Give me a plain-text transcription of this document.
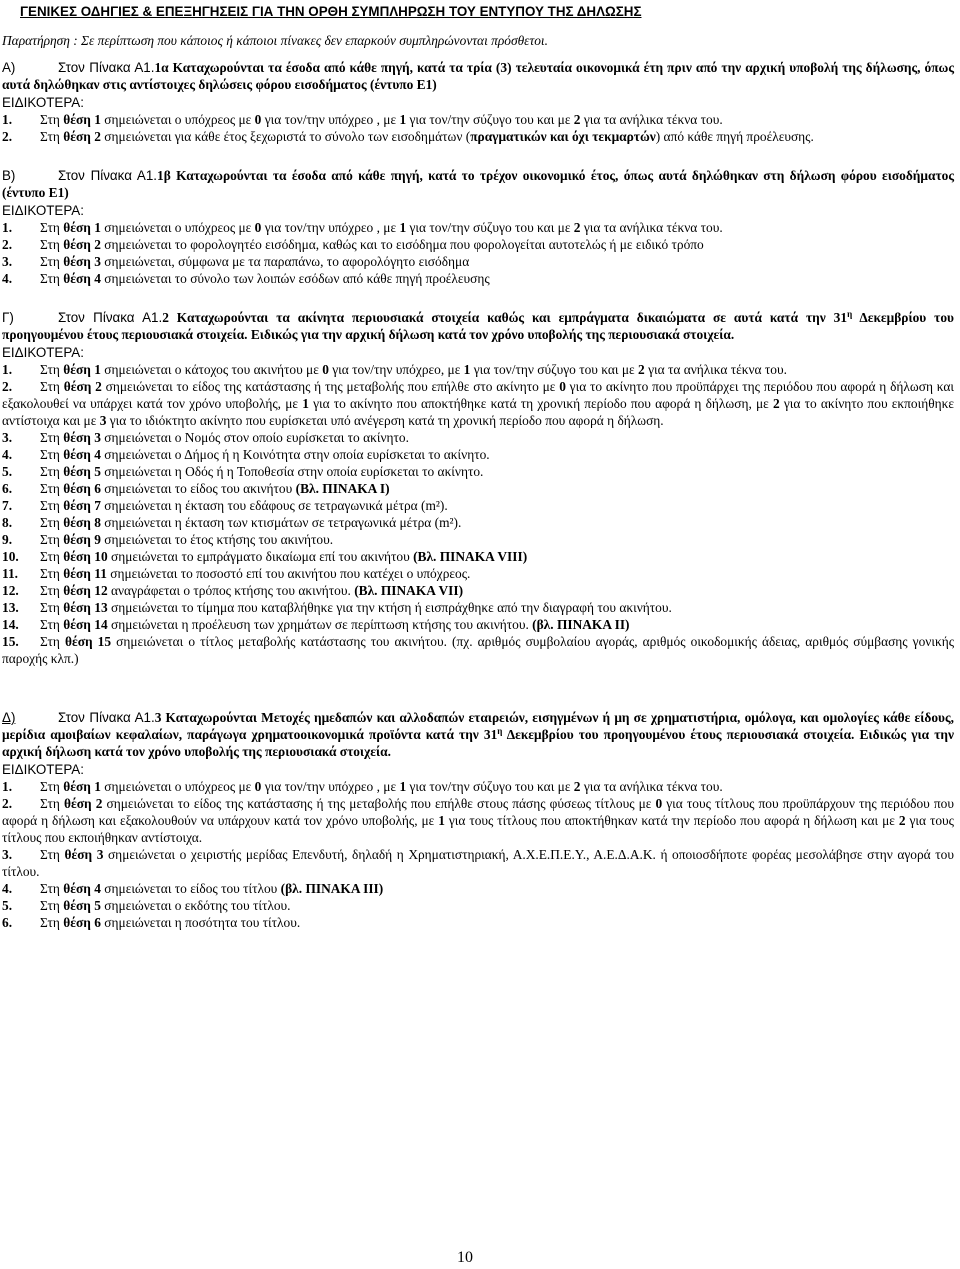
ΓΕΝΙΚΕΣ ΟΔΗΓΙΕΣ & ΕΠΕΞΗΓΗΣΕΙΣ ΓΙΑ ΤΗΝ ΟΡΘΗ ΣΥΜΠΛΗΡΩΣΗ ΤΟΥ ΕΝΤΥΠΟΥ ΤΗΣ ΔΗΛΩΣΗΣ
Παρατήρηση : Σε περίπτωση που κάποιος ή κάποιοι πίνακες δεν επαρκούν συμπληρώνονται πρόσθετοι.
Α)	Στον Πίνακα Α1.1α Καταχωρούνται τα έσοδα από κάθε πηγή, κατά τα τρία (3) τελευταία οικονομικά έτη πριν από την αρχική υποβολή της δήλωσης, όπως αυτά δηλώθηκαν στις αντίστοιχες δηλώσεις φόρου εισοδήματος (έντυπο Ε1)
ΕΙΔΙΚΟΤΕΡΑ:
1. Στη θέση 1 σημειώνεται ο υπόχρεος με 0 για τον/την υπόχρεο , με 1 για τον/την σύζυγο του και με 2 για τα ανήλικα τέκνα του.
2. Στη θέση 2 σημειώνεται για κάθε έτος ξεχωριστά το σύνολο των εισοδημάτων (πραγματικών και όχι τεκμαρτών) από κάθε πηγή προέλευσης.
Β)	Στον Πίνακα Α1.1β Καταχωρούνται τα έσοδα από κάθε πηγή, κατά το τρέχον οικονομικό έτος, όπως αυτά δηλώθηκαν στη δήλωση φόρου εισοδήματος (έντυπο Ε1)
ΕΙΔΙΚΟΤΕΡΑ:
1. Στη θέση 1 σημειώνεται ο υπόχρεος με 0 για τον/την υπόχρεο , με 1 για τον/την σύζυγο του και με 2 για τα ανήλικα τέκνα του.
2. Στη θέση 2 σημειώνεται το φορολογητέο εισόδημα, καθώς και το εισόδημα που φορολογείται αυτοτελώς ή με ειδικό τρόπο
3. Στη θέση 3 σημειώνεται, σύμφωνα με τα παραπάνω, το αφορολόγητο εισόδημα
4. Στη θέση 4 σημειώνεται το σύνολο των λοιπών εσόδων από κάθε πηγή προέλευσης
Γ)	Στον Πίνακα Α1.2 Καταχωρούνται τα ακίνητα περιουσιακά στοιχεία καθώς και εμπράγματα δικαιώματα σε αυτά κατά την $31^\eta$ Δεκεμβρίου του προηγουμένου έτους περιουσιακά στοιχεία. Ειδικώς για την αρχική δήλωση κατά τον χρόνο υποβολής της περιουσιακά στοιχεία.
ΕΙΔΙΚΟΤΕΡΑ:
1. Στη θέση 1 σημειώνεται ο κάτοχος του ακινήτου με 0 για τον/την υπόχρεο, με 1 για τον/την σύζυγο του και με 2 για τα ανήλικα τέκνα του.
2. Στη θέση 2 σημειώνεται το είδος της κατάστασης ή της μεταβολής που επήλθε στο ακίνητο με 0 για το ακίνητο που προϋπάρχει της περιόδου που αφορά η δήλωση και εξακολουθεί να υπάρχει κατά τον χρόνο υποβολής, με 1 για το ακίνητο που αποκτήθηκε κατά τη χρονική περίοδο που αφορά η δήλωση, με 2 για το ακίνητο που εκποιήθηκε αντίστοιχα και με 3 για το ιδιόκτητο ακίνητο που ευρίσκεται υπό ανέγερση κατά τη χρονική περίοδο που αφορά η δήλωση.
3. Στη θέση 3 σημειώνεται ο Νομός στον οποίο ευρίσκεται το ακίνητο.
4. Στη θέση 4 σημειώνεται ο Δήμος ή η Κοινότητα στην οποία ευρίσκεται το ακίνητο.
5. Στη θέση 5 σημειώνεται η Οδός ή η Τοποθεσία στην οποία ευρίσκεται το ακίνητο.
6. Στη θέση 6 σημειώνεται το είδος του ακινήτου (Βλ. ΠΙΝΑΚΑ Ι)
7. Στη θέση 7 σημειώνεται η έκταση του εδάφους σε τετραγωνικά μέτρα (m²).
8. Στη θέση 8 σημειώνεται η έκταση των κτισμάτων σε τετραγωνικά μέτρα (m²).
9. Στη θέση 9 σημειώνεται το έτος κτήσης του ακινήτου.
10. Στη θέση 10 σημειώνεται το εμπράγματο δικαίωμα επί του ακινήτου (Βλ. ΠΙΝΑΚΑ VIII)
11. Στη θέση 11 σημειώνεται το ποσοστό επί του ακινήτου που κατέχει ο υπόχρεος.
12. Στη θέση 12 αναγράφεται ο τρόπος κτήσης του ακινήτου. (Βλ. ΠΙΝΑΚΑ VII)
13. Στη θέση 13 σημειώνεται το τίμημα που καταβλήθηκε για την κτήση ή εισπράχθηκε από την διαγραφή του ακινήτου.
14. Στη θέση 14 σημειώνεται η προέλευση των χρημάτων σε περίπτωση κτήσης του ακινήτου. (βλ. ΠΙΝΑΚΑ ΙΙ)
15. Στη θέση 15 σημειώνεται ο τίτλος μεταβολής κατάστασης του ακινήτου. (πχ. αριθμός συμβολαίου αγοράς, αριθμός οικοδομικής άδειας, αριθμός σύμβασης γονικής παροχής κλπ.)
Δ)	Στον Πίνακα Α1.3 Καταχωρούνται Μετοχές ημεδαπών και αλλοδαπών εταιρειών, εισηγμένων ή μη σε χρηματιστήρια, ομόλογα, και ομολογίες κάθε είδους, μερίδια αμοιβαίων κεφαλαίων, παράγωγα χρηματοοικονομικά προϊόντα κατά την $31^\eta$ Δεκεμβρίου του προηγουμένου έτους περιουσιακά στοιχεία. Ειδικώς για την αρχική δήλωση κατά τον χρόνο υποβολής της περιουσιακά στοιχεία.
ΕΙΔΙΚΟΤΕΡΑ:
1. Στη θέση 1 σημειώνεται ο υπόχρεος με 0 για τον/την υπόχρεο , με 1 για τον/την σύζυγο του και με 2 για τα ανήλικα τέκνα του.
2. Στη θέση 2 σημειώνεται το είδος της κατάστασης ή της μεταβολής που επήλθε στους πάσης φύσεως τίτλους με 0 για τους τίτλους που προϋπάρχουν της περιόδου που αφορά η δήλωση και εξακολουθούν να υπάρχουν κατά τον χρόνο υποβολής, με 1 για τους τίτλους που αποκτήθηκαν κατά την περίοδο που αφορά η δήλωση και με 2 για τους τίτλους που εκποιήθηκαν αντίστοιχα.
3. Στη θέση 3 σημειώνεται ο χειριστής μερίδας Επενδυτή, δηλαδή η Χρηματιστηριακή, Α.Χ.Ε.Π.Ε.Υ., Α.Ε.Δ.Α.Κ. ή οποιοσδήποτε φορέας μεσολάβησε στην αγορά του τίτλου.
4. Στη θέση 4 σημειώνεται το είδος του τίτλου (βλ. ΠΙΝΑΚΑ ΙΙΙ)
5. Στη θέση 5 σημειώνεται ο εκδότης του τίτλου.
6. Στη θέση 6 σημειώνεται η ποσότητα του τίτλου.
10
